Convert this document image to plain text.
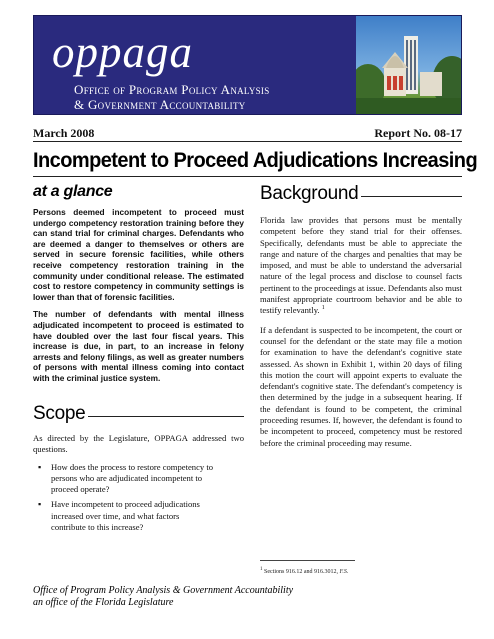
oppaga
Office of Program Policy Analysis
& Government Accountability
March 2008	Report No. 08-17
Incompetent to Proceed Adjudications Increasing
at a glance

Persons deemed incompetent to proceed must undergo competency restoration training before they can stand trial for criminal charges. Defendants who are deemed a danger to themselves or others are served in secure forensic facilities, while others receive competency restoration training in the community under conditional release. The estimated cost to restore competency in community settings is lower than that of forensic facilities.

The number of defendants with mental illness adjudicated incompetent to proceed is estimated to have doubled over the last four fiscal years. This increase is due, in part, to an increase in felony arrests and felony filings, as well as greater numbers of persons with mental illness coming into contact with the criminal justice system.

Scope

As directed by the Legislature, OPPAGA addressed two questions.

▪ How does the process to restore competency to persons who are adjudicated incompetent to proceed operate?
▪ Have incompetent to proceed adjudications increased over time, and what factors contribute to this increase?
Background

Florida law provides that persons must be mentally competent before they stand trial for their offenses. Specifically, defendants must be able to appreciate the range and nature of the charges and penalties that may be imposed, and must be able to understand the adversarial nature of the legal process and disclose to counsel facts pertinent to the proceedings at issue. Defendants also must manifest appropriate courtroom behavior and be able to testify relevantly. $^1$

If a defendant is suspected to be incompetent, the court or counsel for the defendant or the state may file a motion for examination to have the defendant's cognitive state assessed. As shown in Exhibit 1, within 20 days of filing this motion the court will appoint experts to evaluate the defendant's cognitive state. The defendant's competency is then determined by the judge in a subsequent hearing. If the defendant is found to be competent, the criminal proceeding resumes. If, however, the defendant is found to be incompetent to proceed, competency must be restored before the criminal proceeding may resume.

$^1$ Sections 916.12 and 916.3012, F.S.
Office of Program Policy Analysis & Government Accountability
an office of the Florida Legislature
